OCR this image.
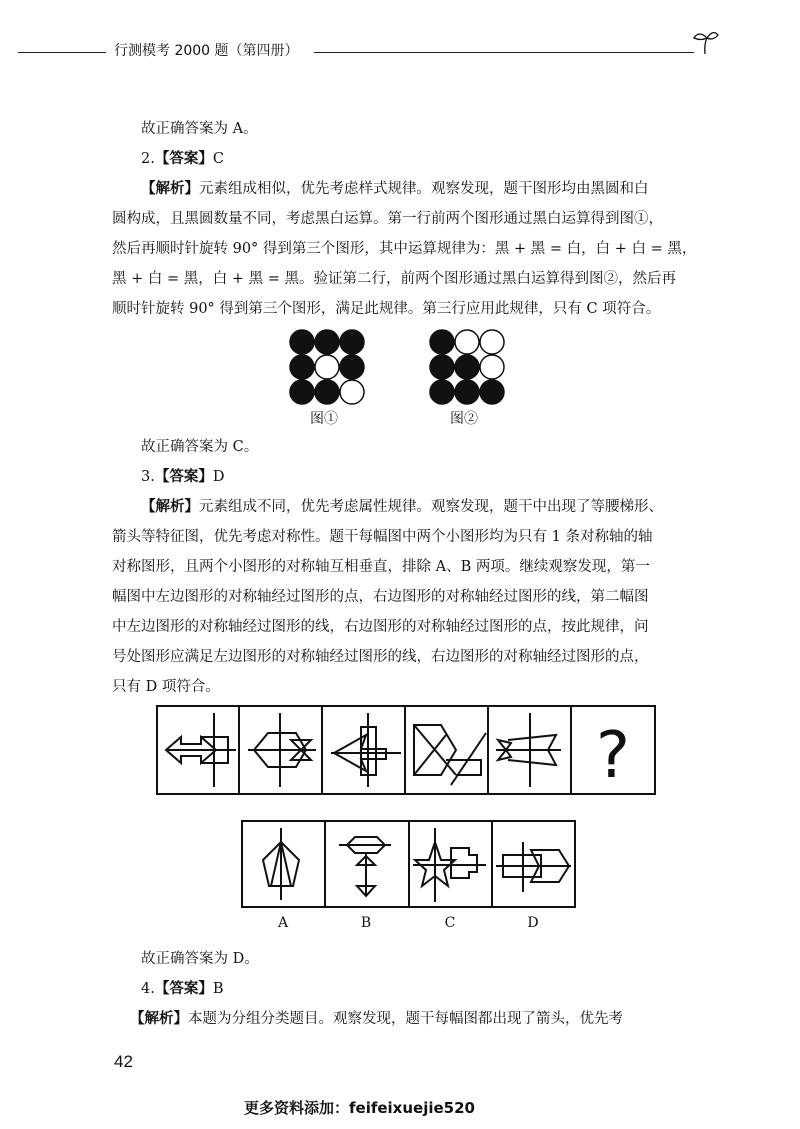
行测模考 2000 题（第四册）
故正确答案为 A。
2.【答案】C
【解析】元素组成相似，优先考虑样式规律。观察发现，题干图形均由黑圆和白
圆构成，且黑圆数量不同，考虑黑白运算。第一行前两个图形通过黑白运算得到图①，
然后再顺时针旋转 90° 得到第三个图形，其中运算规律为：黑 + 黑 = 白，白 + 白 = 黑，
黑 + 白 = 黑，白 + 黑 = 黑。验证第二行，前两个图形通过黑白运算得到图②，然后再
顺时针旋转 90° 得到第三个图形，满足此规律。第三行应用此规律，只有 C 项符合。
故正确答案为 C。
3.【答案】D
【解析】元素组成不同，优先考虑属性规律。观察发现，题干中出现了等腰梯形、
箭头等特征图，优先考虑对称性。题干每幅图中两个小图形均为只有 1 条对称轴的轴
对称图形，且两个小图形的对称轴互相垂直，排除 A、B 两项。继续观察发现，第一
幅图中左边图形的对称轴经过图形的点，右边图形的对称轴经过图形的线，第二幅图
中左边图形的对称轴经过图形的线，右边图形的对称轴经过图形的点，按此规律，问
号处图形应满足左边图形的对称轴经过图形的线，右边图形的对称轴经过图形的点，
只有 D 项符合。
故正确答案为 D。
4.【答案】B
【解析】本题为分组分类题目。观察发现，题干每幅图都出现了箭头，优先考
图①	图②
?
A	B	C	D
42
更多资料添加：feifeixuejie520
